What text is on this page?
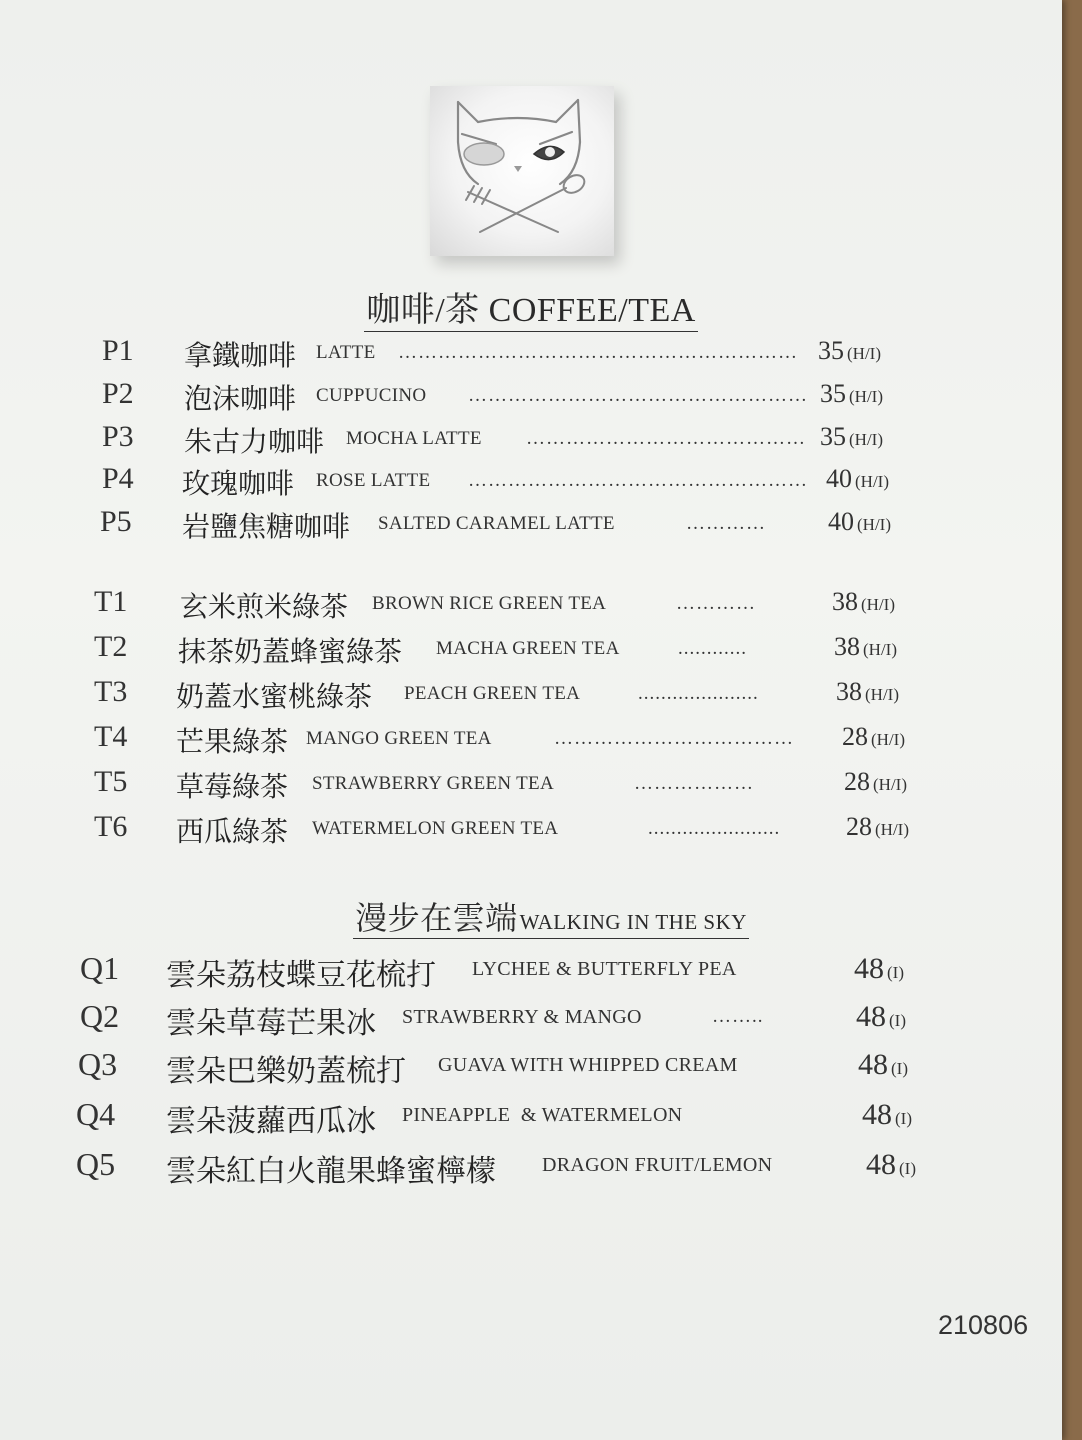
咖啡/茶 COFFEE/TEA
P1 拿鐵咖啡 LATTE …………………………………………………… 35 (H/I)
P2 泡沫咖啡 CUPPUCINO …………………………………………… 35 (H/I)
P3 朱古力咖啡 MOCHA LATTE …………………………………… 35 (H/I)
P4 玫瑰咖啡 ROSE LATTE …………………………………………… 40 (H/I)
P5 岩鹽焦糖咖啡 SALTED CARAMEL LATTE	………… 40 (H/I)
T1 玄米煎米綠茶 BROWN RICE GREEN TEA	…………	38 (H/I)
T2 抹茶奶蓋蜂蜜綠茶 MACHA GREEN TEA	............	38 (H/I)
T3 奶蓋水蜜桃綠茶 PEACH GREEN TEA	.....................	38 (H/I)
T4 芒果綠茶 MANGO GREEN TEA	……………………………… 28 (H/I)
T5 草莓綠茶 STRAWBERRY GREEN TEA	………………	28 (H/I)
T6 西瓜綠茶 WATERMELON GREEN TEA	.......................	28 (H/I)
漫步在雲端WALKING IN THE SKY
Q1 雲朵荔枝蝶豆花梳打 LYCHEE & BUTTERFLY PEA	48 (I)
Q2 雲朵草莓芒果冰 STRAWBERRY & MANGO	……..	48 (I)
Q3 雲朵巴樂奶蓋梳打 GUAVA WITH WHIPPED CREAM	48 (I)
Q4 雲朵菠蘿西瓜冰 PINEAPPLE  & WATERMELON	48 (I)
Q5 雲朵紅白火龍果蜂蜜檸檬 DRAGON FRUIT/LEMON	48 (I)
210806
